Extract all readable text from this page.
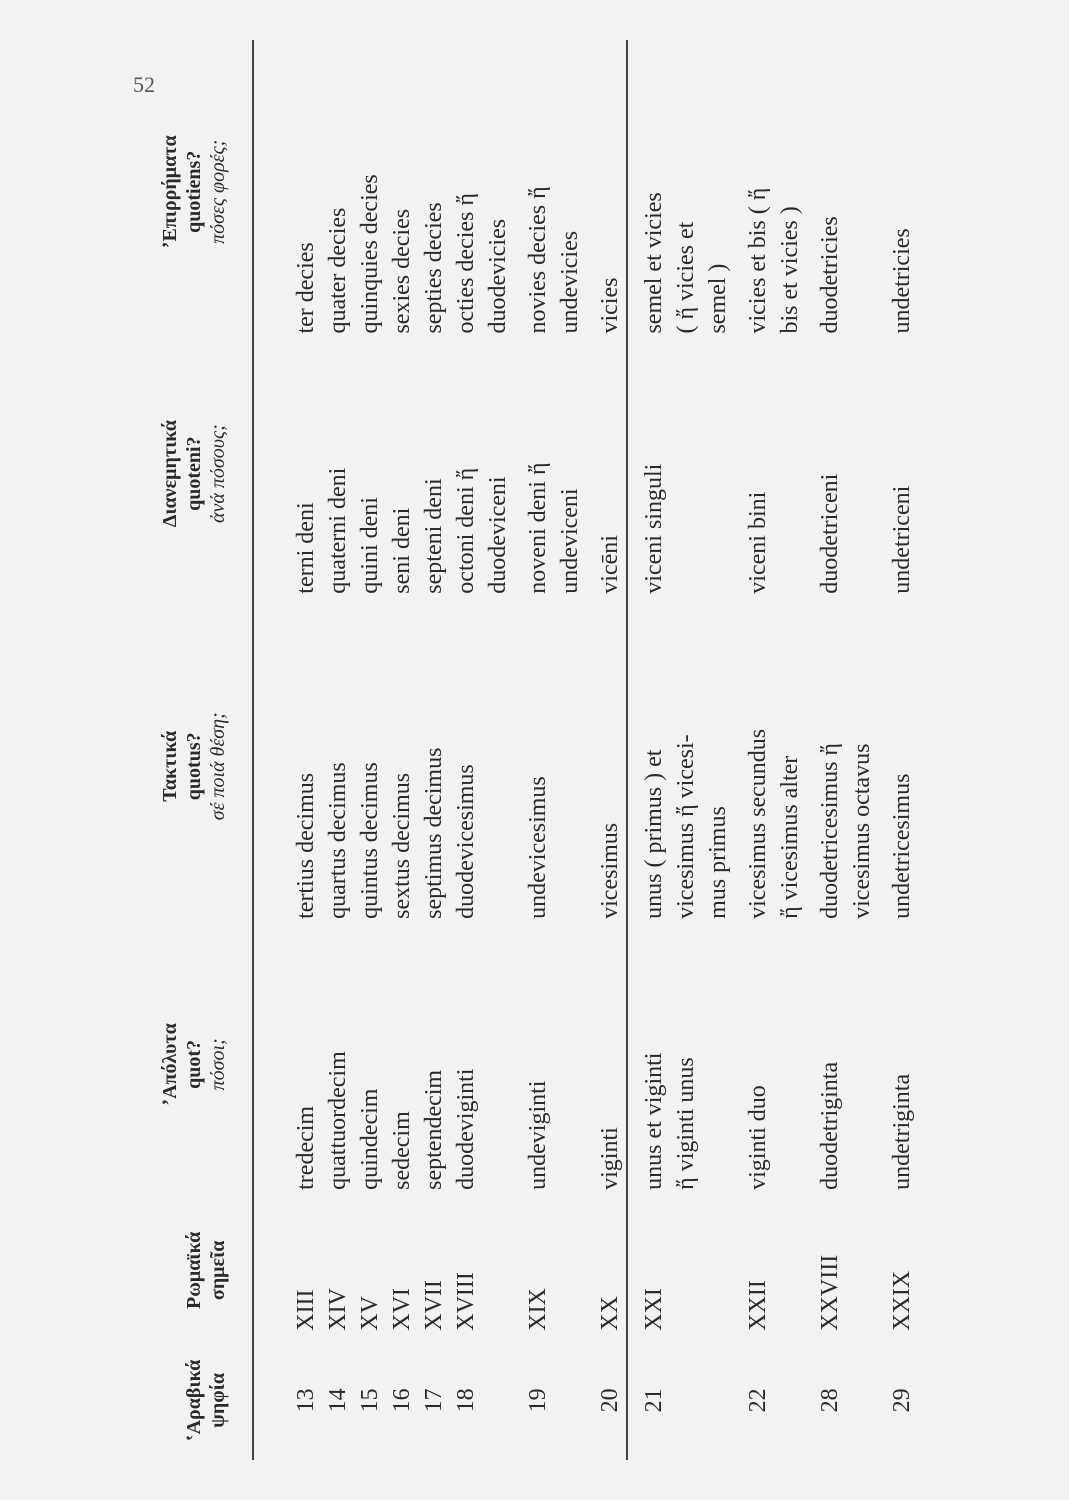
52
ʽΑραβικά ψηφία	Ρωμαϊκά σημεῖα	ʼΑπόλυτα quot? πόσοι;	Τακτικά quotus? σέ ποιά θέση;	Διανεμητικά quoteni? ἀνά πόσους;	ʼΕπιρρήματα quotiens? πόσες φορές;

13	XIII	tredecim	tertius decimus	terni deni	ter decies

14	XIV	quattuordecim	quartus decimus	quaterni deni	quater decies

15	XV	quindecim	quintus decimus	quini deni	quinquies decies

16	XVI	sedecim	sextus decimus	seni deni	sexies decies

17	XVII	septendecim	septimus decimus	septeni deni	septies decies

18	XVIII	duodeviginti	duodevicesimus	octoni deni ἤ duodeviceni	octies decies ἤ duodevicies

19	XIX	undeviginti	undevicesimus	noveni deni ἤ undeviceni	novies decies ἤ undevicies

20	XX	viginti	vicesimus	vicēni	vicies

21	XXI	unus et viginti ἤ viginti unus	unus ( primus ) et vicesimus ἤ vicesi- mus primus	viceni singuli	semel et vicies ( ἤ vicies et semel )

22	XXII	viginti duo	vicesimus secundus ἤ vicesimus alter	viceni bini	vicies et bis ( ἤ bis et vicies )

28	XXVIII	duodetriginta	duodetricesimus ἤ vicesimus octavus	duodetriceni	duodetricies

29	XXIX	undetriginta	undetricesimus	undetriceni	undetricies
